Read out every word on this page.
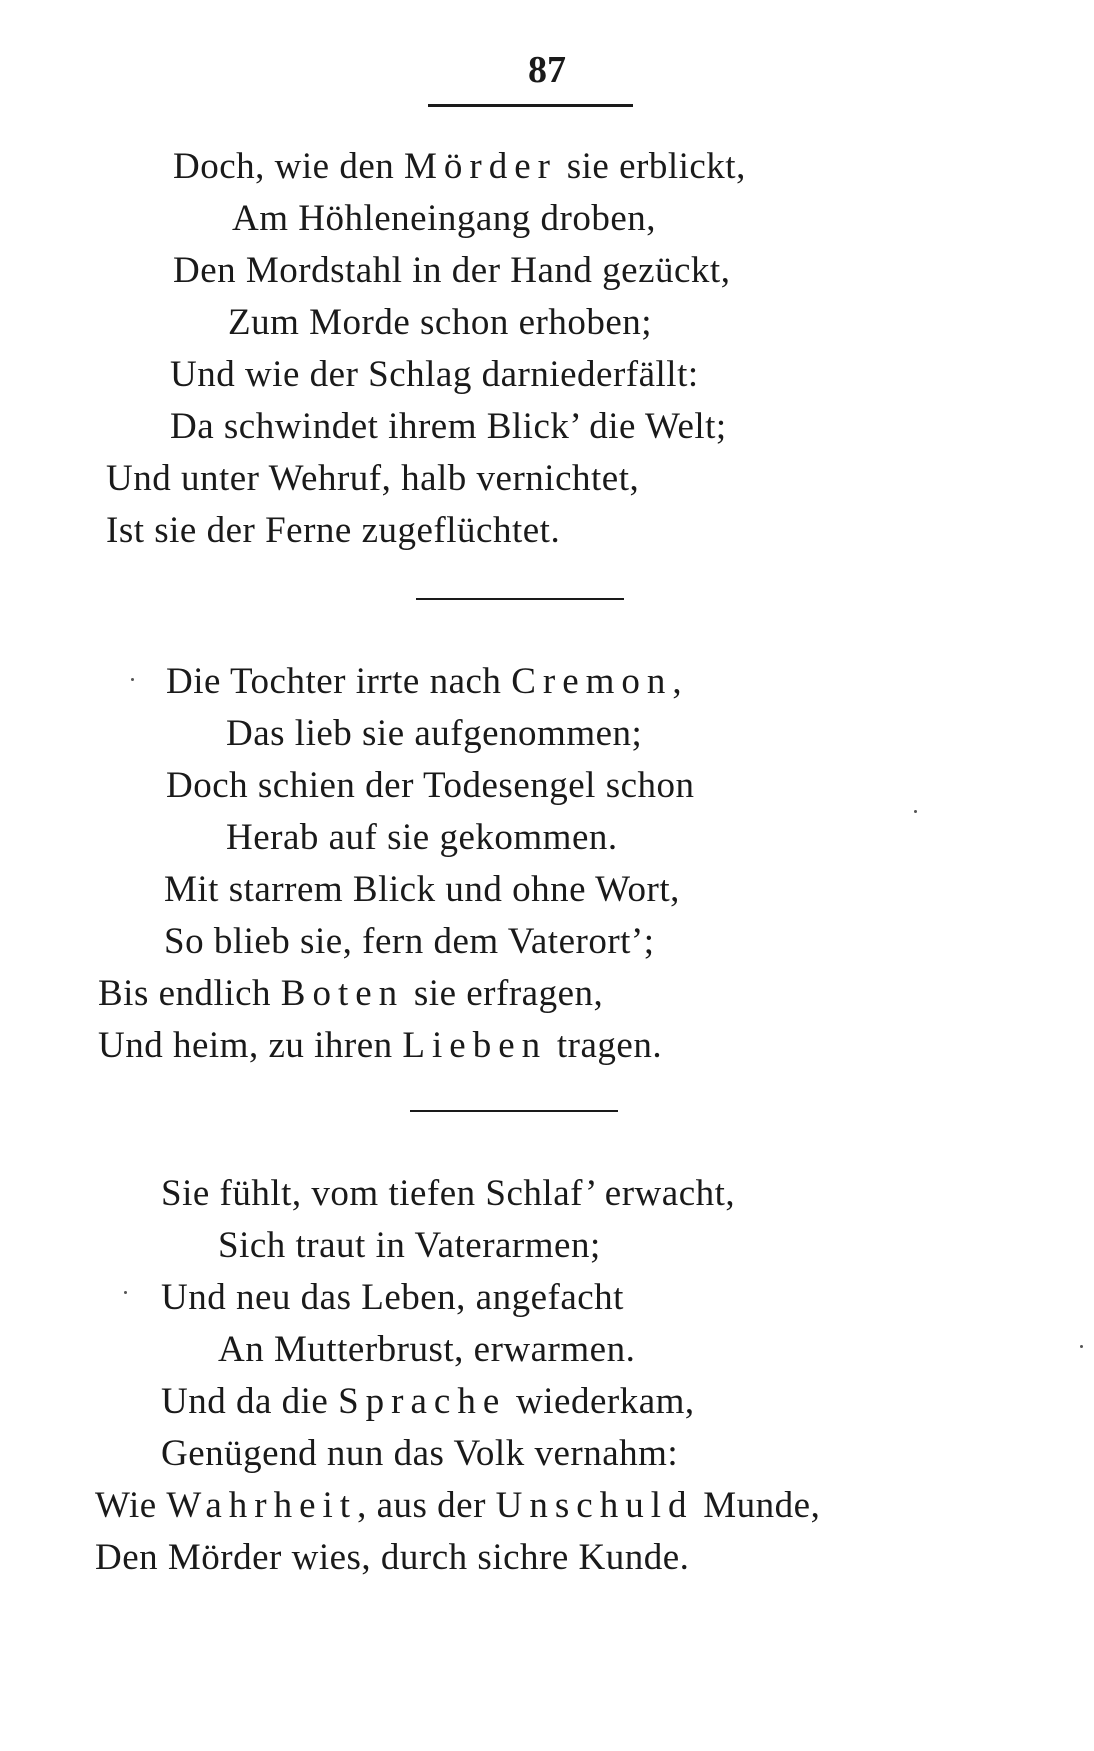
87
Doch, wie den Mörder sie erblickt,
Am Höhleneingang droben,
Den Mordstahl in der Hand gezückt,
Zum Morde schon erhoben;
Und wie der Schlag darniederfällt:
Da schwindet ihrem Blick’ die Welt;
Und unter Wehruf, halb vernichtet,
Ist sie der Ferne zugeflüchtet.
Die Tochter irrte nach Cremon,
Das lieb sie aufgenommen;
Doch schien der Todesengel schon
Herab auf sie gekommen.
Mit starrem Blick und ohne Wort,
So blieb sie, fern dem Vaterort’;
Bis endlich Boten sie erfragen,
Und heim, zu ihren Lieben tragen.
Sie fühlt, vom tiefen Schlaf’ erwacht,
Sich traut in Vaterarmen;
Und neu das Leben, angefacht
An Mutterbrust, erwarmen.
Und da die Sprache wiederkam,
Genügend nun das Volk vernahm:
Wie Wahrheit, aus der Unschuld Munde,
Den Mörder wies, durch sichre Kunde.
